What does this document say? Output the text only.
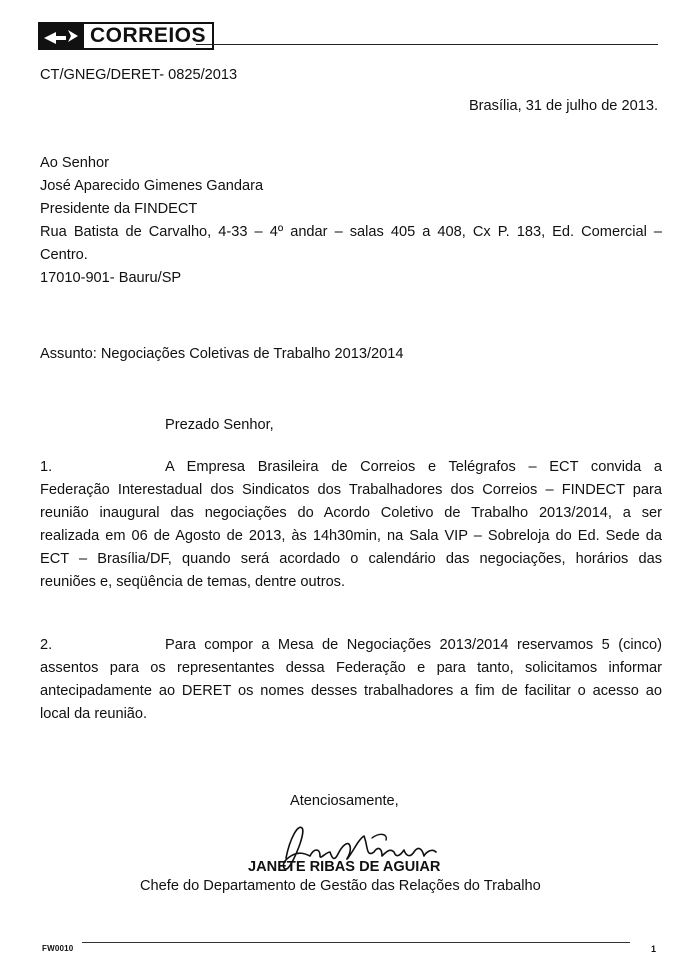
CORREIOS
CT/GNEG/DERET- 0825/2013
Brasília, 31 de julho de 2013.
Ao Senhor
José Aparecido Gimenes Gandara
Presidente da FINDECT
Rua Batista de Carvalho, 4-33 – 4º andar – salas 405 a 408, Cx P. 183, Ed. Comercial –
Centro.
17010-901- Bauru/SP
Assunto: Negociações Coletivas de Trabalho 2013/2014
Prezado Senhor,
1.	A Empresa Brasileira de Correios e Telégrafos – ECT convida a
Federação Interestadual dos Sindicatos dos Trabalhadores dos Correios – FINDECT para
reunião inaugural das negociações do Acordo Coletivo de Trabalho 2013/2014, a ser
realizada em 06 de Agosto de 2013, às 14h30min, na Sala VIP – Sobreloja do Ed. Sede da
ECT – Brasília/DF, quando será acordado o calendário das negociações, horários das
reuniões e, seqüência de temas, dentre outros.
2.	Para compor a Mesa de Negociações 2013/2014 reservamos 5 (cinco)
assentos para os representantes dessa Federação e para tanto, solicitamos informar
antecipadamente ao DERET os nomes desses trabalhadores a fim de facilitar o acesso ao
local da reunião.
Atenciosamente,
JANETE RIBAS DE AGUIAR
Chefe do Departamento de Gestão das Relações do Trabalho
FW0010	1
